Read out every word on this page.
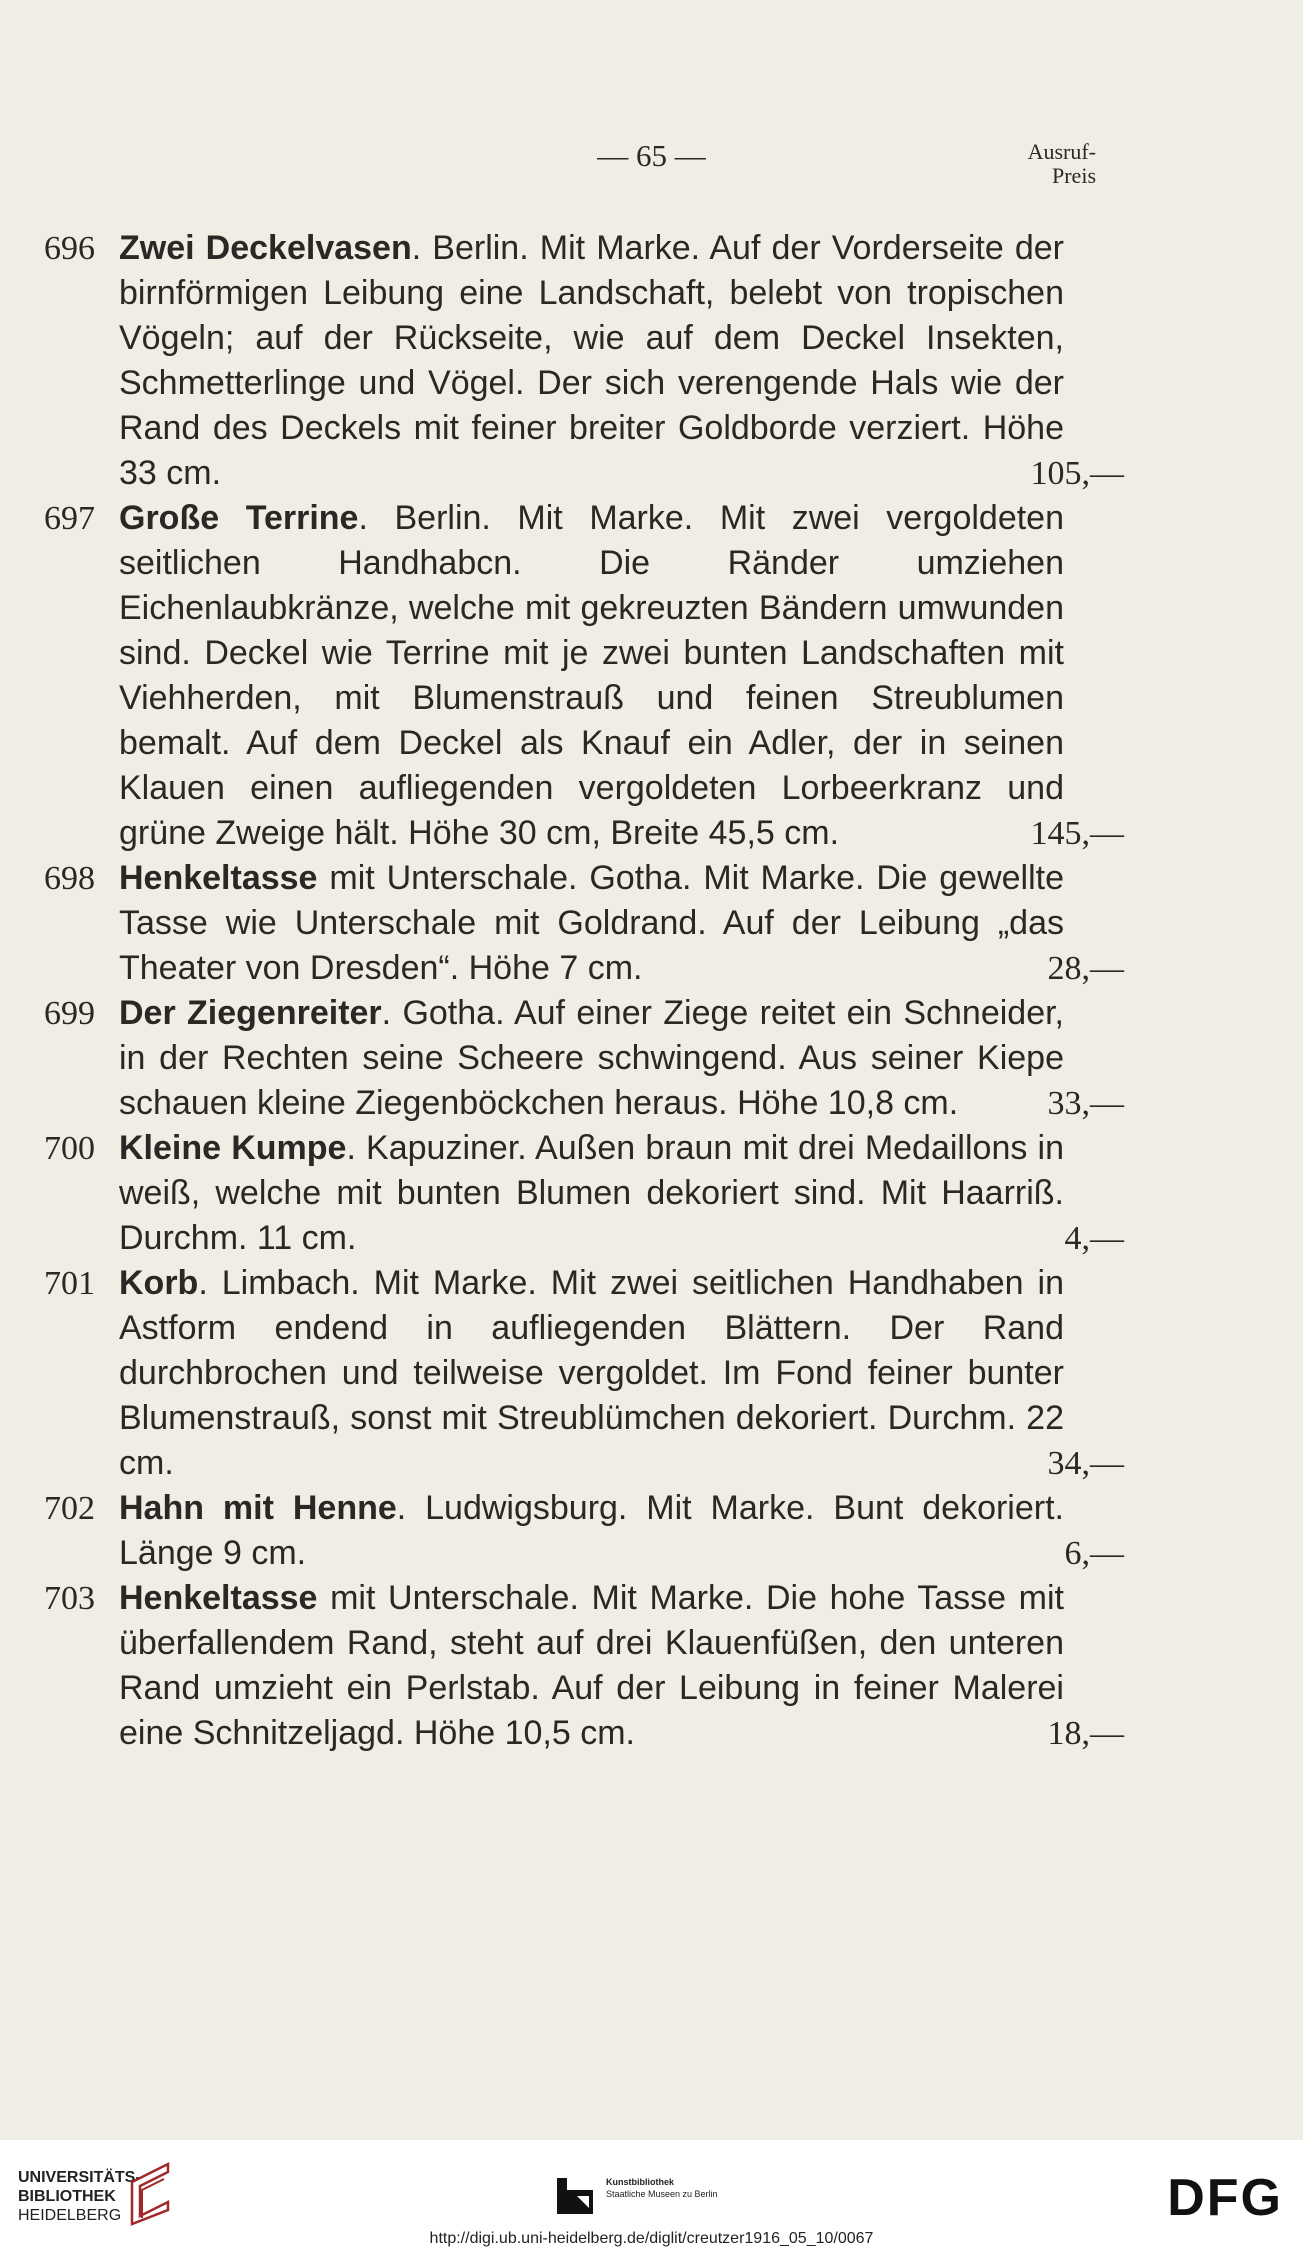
— 65 —	Ausruf-
Preis
696 Zwei Deckelvasen. Berlin. Mit Marke. Auf der Vorderseite der birnförmigen Leibung eine Landschaft, belebt von tropischen Vögeln; auf der Rückseite, wie auf dem Deckel Insekten, Schmetterlinge und Vögel. Der sich verengende Hals wie der Rand des Deckels mit feiner breiter Goldborde verziert. Höhe 33 cm.	105,—
697 Große Terrine. Berlin. Mit Marke. Mit zwei vergoldeten seitlichen Handhabcn. Die Ränder umziehen Eichenlaubkränze, welche mit gekreuzten Bändern umwunden sind. Deckel wie Terrine mit je zwei bunten Landschaften mit Viehherden, mit Blumenstrauß und feinen Streublumen bemalt. Auf dem Deckel als Knauf ein Adler, der in seinen Klauen einen aufliegenden vergoldeten Lorbeerkranz und grüne Zweige hält. Höhe 30 cm, Breite 45,5 cm.	145,—
698 Henkeltasse mit Unterschale. Gotha. Mit Marke. Die gewellte Tasse wie Unterschale mit Goldrand. Auf der Leibung „das Theater von Dresden“. Höhe 7 cm.	28,—
699 Der Ziegenreiter. Gotha. Auf einer Ziege reitet ein Schneider, in der Rechten seine Scheere schwingend. Aus seiner Kiepe schauen kleine Ziegenböckchen heraus. Höhe 10,8 cm.	33,—
700 Kleine Kumpe. Kapuziner. Außen braun mit drei Medaillons in weiß, welche mit bunten Blumen dekoriert sind. Mit Haarriß. Durchm. 11 cm.	4,—
701 Korb. Limbach. Mit Marke. Mit zwei seitlichen Handhaben in Astform endend in aufliegenden Blättern. Der Rand durchbrochen und teilweise vergoldet. Im Fond feiner bunter Blumenstrauß, sonst mit Streublümchen dekoriert. Durchm. 22 cm.	34,—
702 Hahn mit Henne. Ludwigsburg. Mit Marke. Bunt dekoriert. Länge 9 cm.	6,—
703 Henkeltasse mit Unterschale. Mit Marke. Die hohe Tasse mit überfallendem Rand, steht auf drei Klauenfüßen, den unteren Rand umzieht ein Perlstab. Auf der Leibung in feiner Malerei eine Schnitzeljagd. Höhe 10,5 cm.	18,—
UNIVERSITÄTS-
BIBLIOTHEK
HEIDELBERG
Kunstbibliothek
Staatliche Museen zu Berlin	DFG
http://digi.ub.uni-heidelberg.de/diglit/creutzer1916_05_10/0067
